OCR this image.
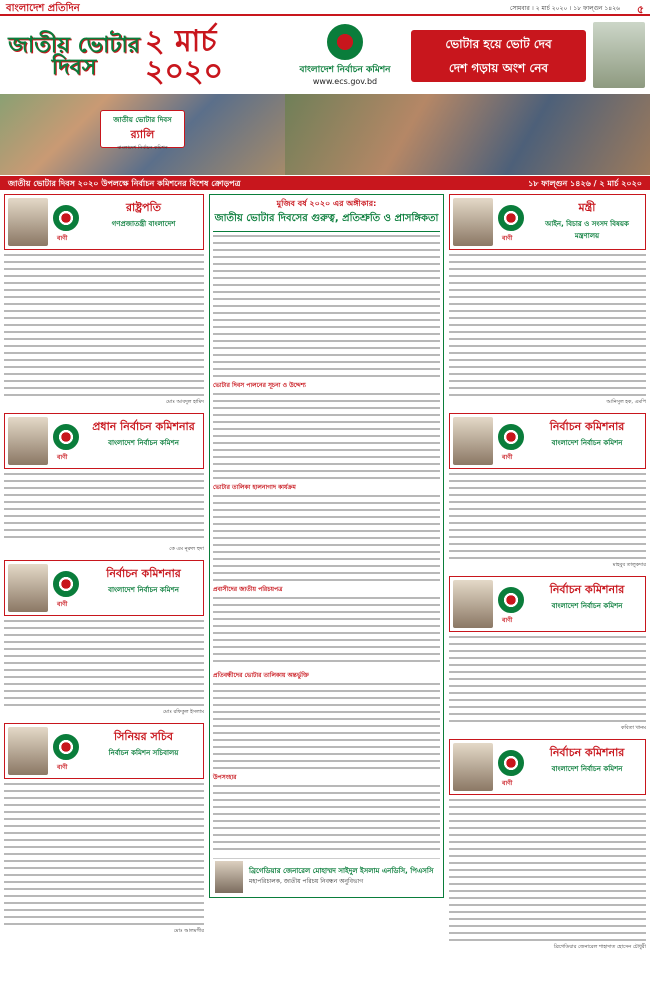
বাংলাদেশ প্রতিদিন	সোমবার । ২ মার্চ ২০২০ । ১৮ ফাল্গুন ১৪২৬ ৫
জাতীয় ভোটার দিবস
২ মার্চ ২০২০
জাতীয় ভোটার দিবস
র‍্যালি
বাংলাদেশ নির্বাচন কমিশন
বাংলাদেশ নির্বাচন কমিশন
www.ecs.gov.bd
ভোটার হয়ে ভোট দেব
দেশ গড়ায় অংশ নেব
জাতীয় ভোটার দিবস ২০২০ উপলক্ষে নির্বাচন কমিশনের বিশেষ ক্রোড়পত্র	১৮ ফাল্গুন ১৪২৬ / ২ মার্চ ২০২০
বাণী
রাষ্ট্রপতি
গণপ্রজাতন্ত্রী বাংলাদেশ
মোঃ আবদুল হামিদ
বাণী
প্রধান নির্বাচন কমিশনার
বাংলাদেশ নির্বাচন কমিশন
কে এম নূরুল হুদা
বাণী
নির্বাচন কমিশনার
বাংলাদেশ নির্বাচন কমিশন
মোঃ রফিকুল ইসলাম
বাণী
সিনিয়র সচিব
নির্বাচন কমিশন সচিবালয়
মোঃ আলমগীর
মুজিব বর্ষ ২০২০ এর অঙ্গীকার:
জাতীয় ভোটার দিবসের গুরুত্ব, প্রতিশ্রুতি ও প্রাসঙ্গিকতা
ভোটার দিবস পালনের সূচনা ও উদ্দেশ্য
ভোটার তালিকা হালনাগাদ কার্যক্রম
প্রবাসীদের জাতীয় পরিচয়পত্র
প্রতিবন্ধীদের ভোটার তালিকায় অন্তর্ভুক্তি
উপসংহার
ব্রিগেডিয়ার জেনারেল মোহাম্মদ সাইদুল ইসলাম এনডিসি, পিএসসি
মহাপরিচালক, জাতীয় পরিচয় নিবন্ধন অনুবিভাগ
বাণী
মন্ত্রী
আইন, বিচার ও সংসদ বিষয়ক মন্ত্রণালয়
আনিসুল হক, এমপি
বাণী
নির্বাচন কমিশনার
বাংলাদেশ নির্বাচন কমিশন
মাহবুব তালুকদার
বাণী
নির্বাচন কমিশনার
বাংলাদেশ নির্বাচন কমিশন
কবিতা খানম
বাণী
নির্বাচন কমিশনার
বাংলাদেশ নির্বাচন কমিশন
ব্রিগেডিয়ার জেনারেল শাহাদাত হোসেন চৌধুরী
